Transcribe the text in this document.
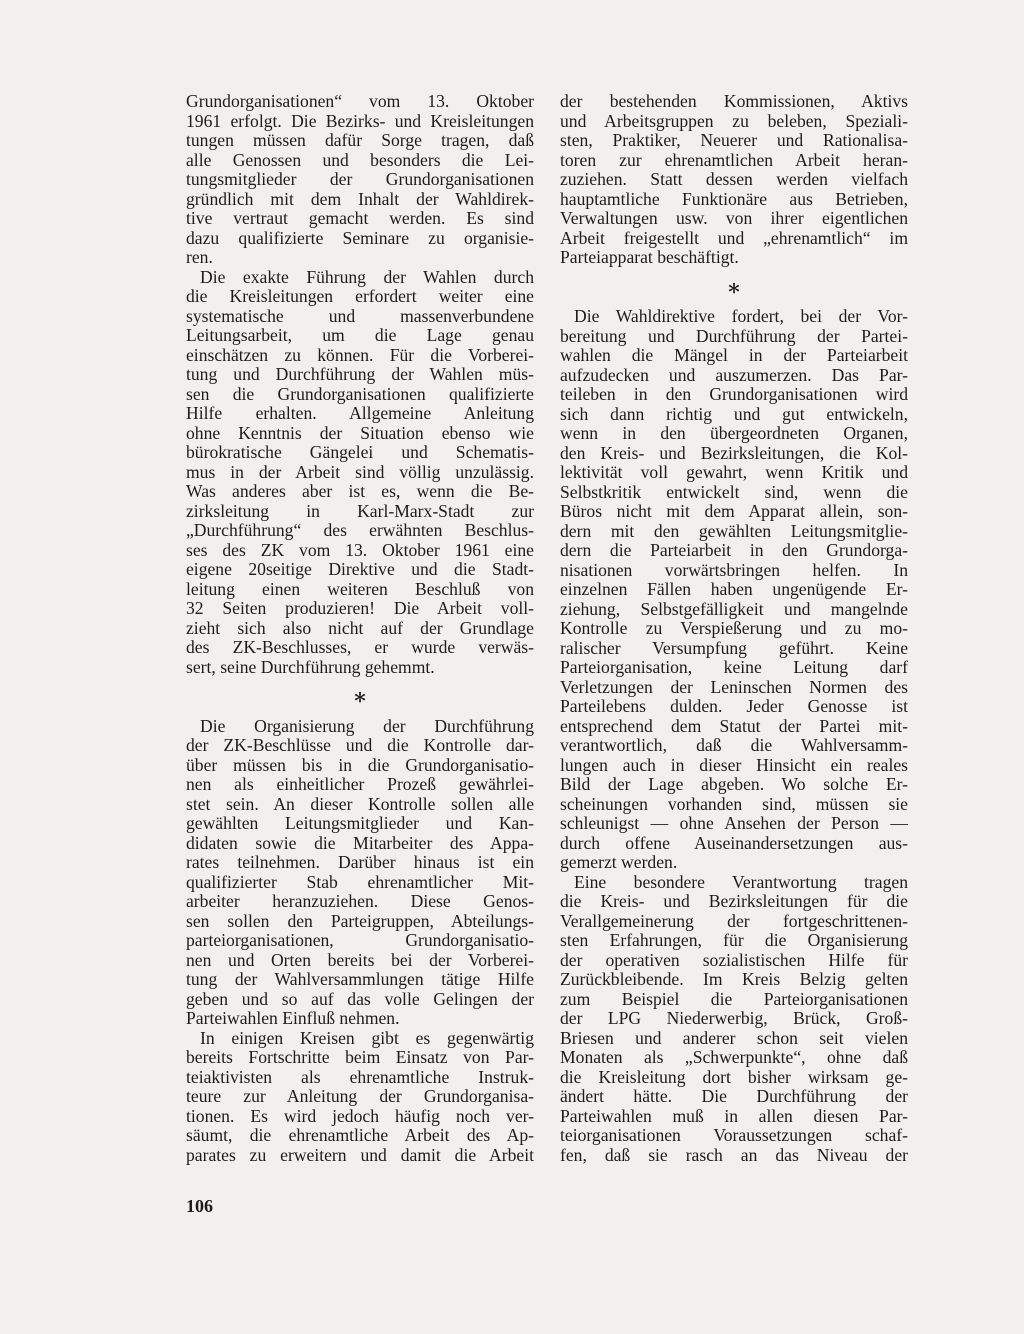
Grundorganisationen“ vom 13. Oktober
1961 erfolgt. Die Bezirks- und Kreisleitungen
tungen müssen dafür Sorge tragen, daß
alle Genossen und besonders die Lei-
tungsmitglieder der Grundorganisationen
gründlich mit dem Inhalt der Wahldirek-
tive vertraut gemacht werden. Es sind
dazu qualifizierte Seminare zu organisie-
ren.
Die exakte Führung der Wahlen durch
die Kreisleitungen erfordert weiter eine
systematische und massenverbundene
Leitungsarbeit, um die Lage genau
einschätzen zu können. Für die Vorberei-
tung und Durchführung der Wahlen müs-
sen die Grundorganisationen qualifizierte
Hilfe erhalten. Allgemeine Anleitung
ohne Kenntnis der Situation ebenso wie
bürokratische Gängelei und Schematis-
mus in der Arbeit sind völlig unzulässig.
Was anderes aber ist es, wenn die Be-
zirksleitung in Karl-Marx-Stadt zur
„Durchführung“ des erwähnten Beschlus-
ses des ZK vom 13. Oktober 1961 eine
eigene 20seitige Direktive und die Stadt-
leitung einen weiteren Beschluß von
32 Seiten produzieren! Die Arbeit voll-
zieht sich also nicht auf der Grundlage
des ZK-Beschlusses, er wurde verwäs-
sert, seine Durchführung gehemmt.
∗
Die Organisierung der Durchführung
der ZK-Beschlüsse und die Kontrolle dar-
über müssen bis in die Grundorganisatio-
nen als einheitlicher Prozeß gewährlei-
stet sein. An dieser Kontrolle sollen alle
gewählten Leitungsmitglieder und Kan-
didaten sowie die Mitarbeiter des Appa-
rates teilnehmen. Darüber hinaus ist ein
qualifizierter Stab ehrenamtlicher Mit-
arbeiter heranzuziehen. Diese Genos-
sen sollen den Parteigruppen, Abteilungs-
parteiorganisationen, Grundorganisatio-
nen und Orten bereits bei der Vorberei-
tung der Wahlversammlungen tätige Hilfe
geben und so auf das volle Gelingen der
Parteiwahlen Einfluß nehmen.
In einigen Kreisen gibt es gegenwärtig
bereits Fortschritte beim Einsatz von Par-
teiaktivisten als ehrenamtliche Instruk-
teure zur Anleitung der Grundorganisa-
tionen. Es wird jedoch häufig noch ver-
säumt, die ehrenamtliche Arbeit des Ap-
parates zu erweitern und damit die Arbeit
der bestehenden Kommissionen, Aktivs
und Arbeitsgruppen zu beleben, Speziali-
sten, Praktiker, Neuerer und Rationalisa-
toren zur ehrenamtlichen Arbeit heran-
zuziehen. Statt dessen werden vielfach
hauptamtliche Funktionäre aus Betrieben,
Verwaltungen usw. von ihrer eigentlichen
Arbeit freigestellt und „ehrenamtlich“ im
Parteiapparat beschäftigt.
∗
Die Wahldirektive fordert, bei der Vor-
bereitung und Durchführung der Partei-
wahlen die Mängel in der Parteiarbeit
aufzudecken und auszumerzen. Das Par-
teileben in den Grundorganisationen wird
sich dann richtig und gut entwickeln,
wenn in den übergeordneten Organen,
den Kreis- und Bezirksleitungen, die Kol-
lektivität voll gewahrt, wenn Kritik und
Selbstkritik entwickelt sind, wenn die
Büros nicht mit dem Apparat allein, son-
dern mit den gewählten Leitungsmitglie-
dern die Parteiarbeit in den Grundorga-
nisationen vorwärtsbringen helfen. In
einzelnen Fällen haben ungenügende Er-
ziehung, Selbstgefälligkeit und mangelnde
Kontrolle zu Verspießerung und zu mo-
ralischer Versumpfung geführt. Keine
Parteiorganisation, keine Leitung darf
Verletzungen der Leninschen Normen des
Parteilebens dulden. Jeder Genosse ist
entsprechend dem Statut der Partei mit-
verantwortlich, daß die Wahlversamm-
lungen auch in dieser Hinsicht ein reales
Bild der Lage abgeben. Wo solche Er-
scheinungen vorhanden sind, müssen sie
schleunigst — ohne Ansehen der Person —
durch offene Auseinandersetzungen aus-
gemerzt werden.
Eine besondere Verantwortung tragen
die Kreis- und Bezirksleitungen für die
Verallgemeinerung der fortgeschrittenen-
sten Erfahrungen, für die Organisierung
der operativen sozialistischen Hilfe für
Zurückbleibende. Im Kreis Belzig gelten
zum Beispiel die Parteiorganisationen
der LPG Niederwerbig, Brück, Groß-
Briesen und anderer schon seit vielen
Monaten als „Schwerpunkte“, ohne daß
die Kreisleitung dort bisher wirksam ge-
ändert hätte. Die Durchführung der
Parteiwahlen muß in allen diesen Par-
teiorganisationen Voraussetzungen schaf-
fen, daß sie rasch an das Niveau der
106
